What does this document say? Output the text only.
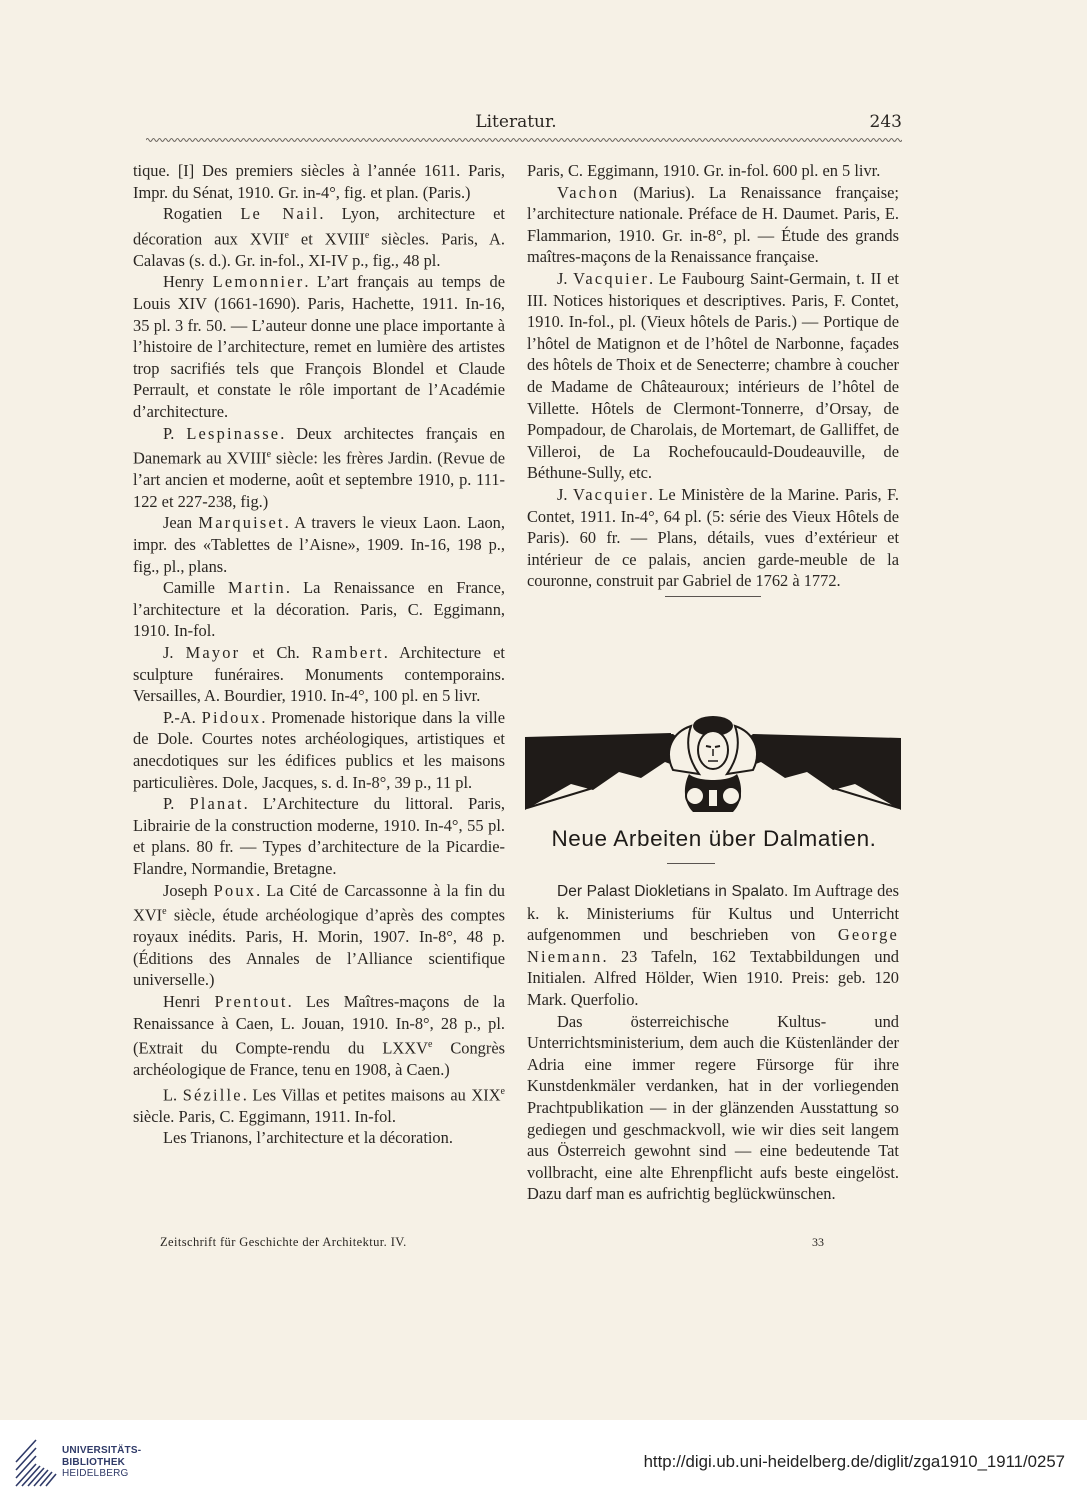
Literatur.	243

tique. [I] Des premiers siècles à l’année 1611. Paris, Impr. du Sénat, 1910. Gr. in-4°, fig. et plan. (Paris.)

Rogatien Le Nail. Lyon, architecture et décoration aux XVIIe et XVIIIe siècles. Paris, A. Calavas (s. d.). Gr. in-fol., XI-IV p., fig., 48 pl.

Henry Lemonnier. L’art français au temps de Louis XIV (1661-1690). Paris, Hachette, 1911. In-16, 35 pl. 3 fr. 50. — L’auteur donne une place importante à l’histoire de l’architecture, remet en lumière des artistes trop sacrifiés tels que François Blondel et Claude Perrault, et constate le rôle important de l’Académie d’architecture.

P. Lespinasse. Deux architectes français en Danemark au XVIIIe siècle: les frères Jardin. (Revue de l’art ancien et moderne, août et septembre 1910, p. 111-122 et 227-238, fig.)

Jean Marquiset. A travers le vieux Laon. Laon, impr. des «Tablettes de l’Aisne», 1909. In-16, 198 p., fig., pl., plans.

Camille Martin. La Renaissance en France, l’architecture et la décoration. Paris, C. Eggimann, 1910. In-fol.

J. Mayor et Ch. Rambert. Architecture et sculpture funéraires. Monuments contemporains. Versailles, A. Bourdier, 1910. In-4°, 100 pl. en 5 livr.

P.-A. Pidoux. Promenade historique dans la ville de Dole. Courtes notes archéologiques, artistiques et anecdotiques sur les édifices publics et les maisons particulières. Dole, Jacques, s. d. In-8°, 39 p., 11 pl.

P. Planat. L’Architecture du littoral. Paris, Librairie de la construction moderne, 1910. In-4°, 55 pl. et plans. 80 fr. — Types d’architecture de la Picardie-Flandre, Normandie, Bretagne.

Joseph Poux. La Cité de Carcassonne à la fin du XVIe siècle, étude archéologique d’après des comptes royaux inédits. Paris, H. Morin, 1907. In-8°, 48 p. (Éditions des Annales de l’Alliance scientifique universelle.)

Henri Prentout. Les Maîtres-maçons de la Renaissance à Caen, L. Jouan, 1910. In-8°, 28 p., pl. (Extrait du Compte-rendu du LXXVe Congrès archéologique de France, tenu en 1908, à Caen.)

L. Sézille. Les Villas et petites maisons au XIXe siècle. Paris, C. Eggimann, 1911. In-fol.

Les Trianons, l’architecture et la décoration.

Paris, C. Eggimann, 1910. Gr. in-fol. 600 pl. en 5 livr.

Vachon (Marius). La Renaissance française; l’architecture nationale. Préface de H. Daumet. Paris, E. Flammarion, 1910. Gr. in-8°, pl. — Étude des grands maîtres-maçons de la Renaissance française.

J. Vacquier. Le Faubourg Saint-Germain, t. II et III. Notices historiques et descriptives. Paris, F. Contet, 1910. In-fol., pl. (Vieux hôtels de Paris.) — Portique de l’hôtel de Matignon et de l’hôtel de Narbonne, façades des hôtels de Thoix et de Senecterre; chambre à coucher de Madame de Châteauroux; intérieurs de l’hôtel de Villette. Hôtels de Clermont-Tonnerre, d’Orsay, de Pompadour, de Charolais, de Mortemart, de Galliffet, de Villeroi, de La Rochefoucauld-Doudeauville, de Béthune-Sully, etc.

J. Vacquier. Le Ministère de la Marine. Paris, F. Contet, 1911. In-4°, 64 pl. (5: série des Vieux Hôtels de Paris). 60 fr. — Plans, détails, vues d’extérieur et intérieur de ce palais, ancien garde-meuble de la couronne, construit par Gabriel de 1762 à 1772.

Neue Arbeiten über Dalmatien.

Der Palast Diokletians in Spalato. Im Auftrage des k. k. Ministeriums für Kultus und Unterricht aufgenommen und beschrieben von George Niemann. 23 Tafeln, 162 Textabbildungen und Initialen. Alfred Hölder, Wien 1910. Preis: geb. 120 Mark. Querfolio.

Das österreichische Kultus- und Unterrichtsministerium, dem auch die Küstenländer der Adria eine immer regere Fürsorge für ihre Kunstdenkmäler verdanken, hat in der vorliegenden Prachtpublikation — in der glänzenden Ausstattung so gediegen und geschmackvoll, wie wir dies seit langem aus Österreich gewohnt sind — eine bedeutende Tat vollbracht, eine alte Ehrenpflicht aufs beste eingelöst. Dazu darf man es aufrichtig beglückwünschen.

Zeitschrift für Geschichte der Architektur. IV.	33
UNIVERSITÄTS-
BIBLIOTHEK
HEIDELBERG
http://digi.ub.uni-heidelberg.de/diglit/zga1910_1911/0257
